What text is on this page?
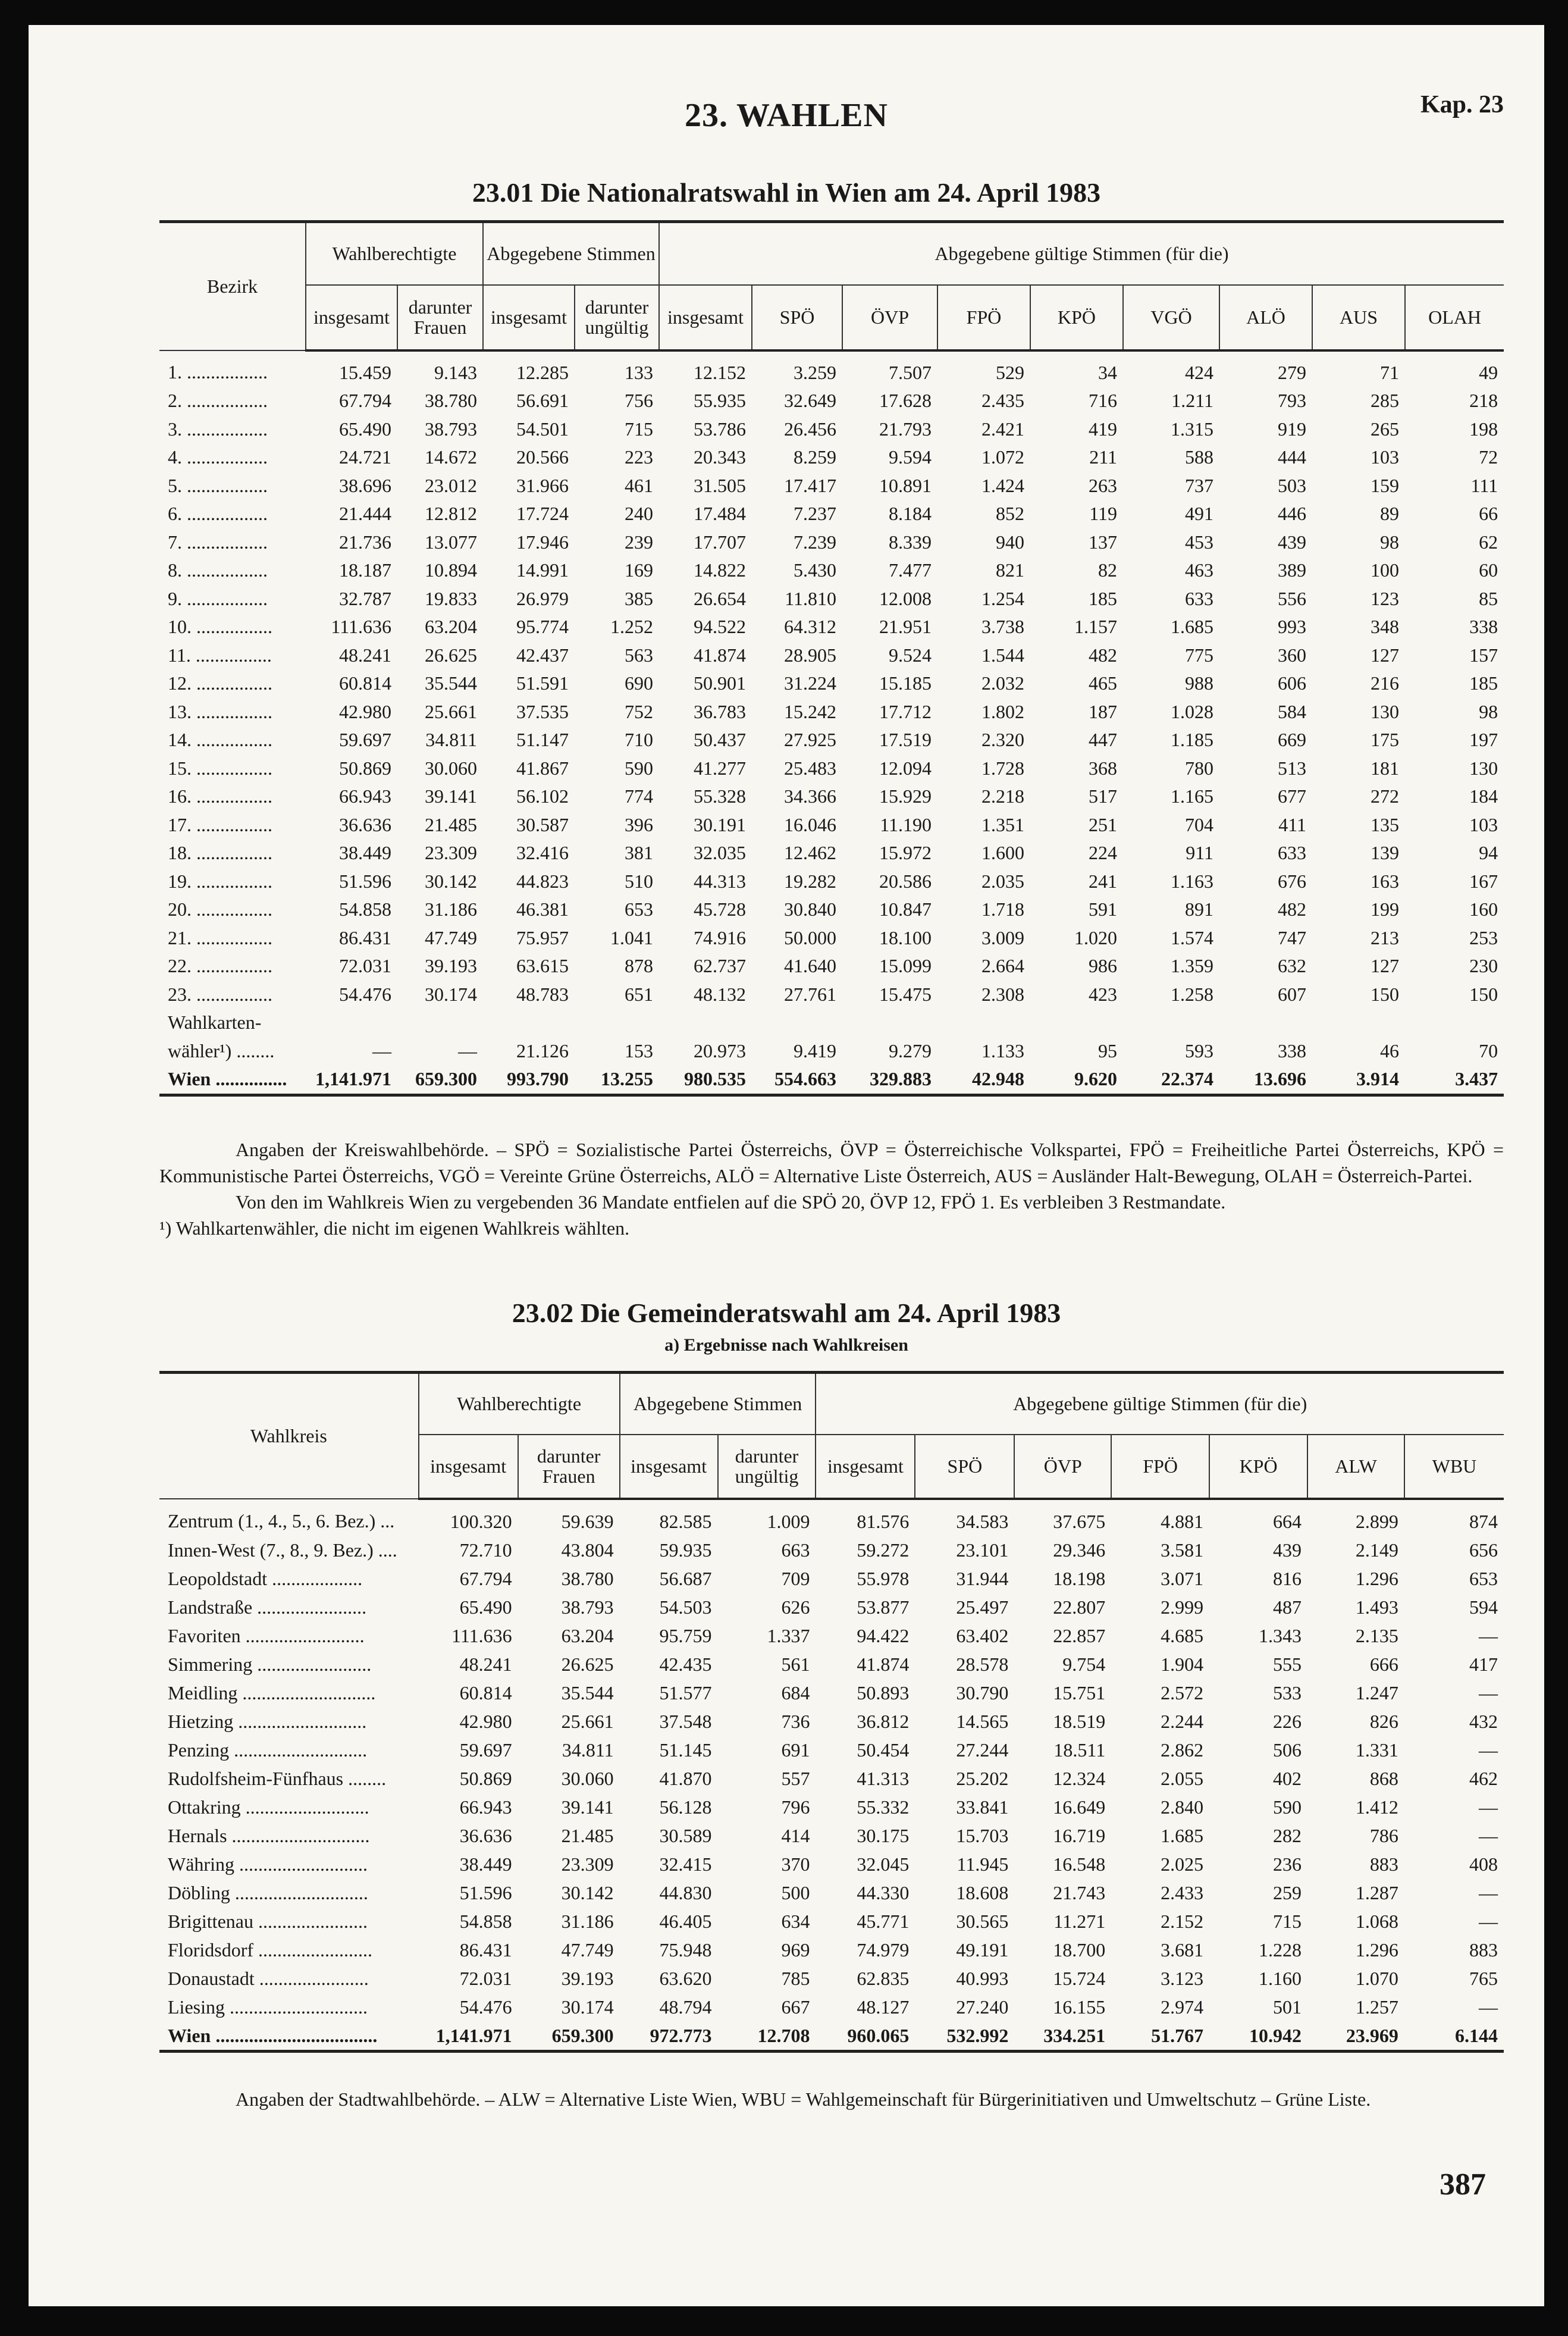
Kap. 23
23. WAHLEN
23.01 Die Nationalratswahl in Wien am 24. April 1983
Bezirk	Wahlberechtigte		Abgegebene Stimmen		Abgegebene gültige Stimmen (für die)								
	insgesamt	darunter Frauen	insgesamt	darunter ungültig	insgesamt	SPÖ	ÖVP	FPÖ	KPÖ	VGÖ	ALÖ	AUS	OLAH
1. .................	15.459	9.143	12.285	133	12.152	3.259	7.507	529	34	424	279	71	49
2. .................	67.794	38.780	56.691	756	55.935	32.649	17.628	2.435	716	1.211	793	285	218
3. .................	65.490	38.793	54.501	715	53.786	26.456	21.793	2.421	419	1.315	919	265	198
4. .................	24.721	14.672	20.566	223	20.343	8.259	9.594	1.072	211	588	444	103	72
5. .................	38.696	23.012	31.966	461	31.505	17.417	10.891	1.424	263	737	503	159	111
6. .................	21.444	12.812	17.724	240	17.484	7.237	8.184	852	119	491	446	89	66
7. .................	21.736	13.077	17.946	239	17.707	7.239	8.339	940	137	453	439	98	62
8. .................	18.187	10.894	14.991	169	14.822	5.430	7.477	821	82	463	389	100	60
9. .................	32.787	19.833	26.979	385	26.654	11.810	12.008	1.254	185	633	556	123	85
10. ................	111.636	63.204	95.774	1.252	94.522	64.312	21.951	3.738	1.157	1.685	993	348	338
11. ................	48.241	26.625	42.437	563	41.874	28.905	9.524	1.544	482	775	360	127	157
12. ................	60.814	35.544	51.591	690	50.901	31.224	15.185	2.032	465	988	606	216	185
13. ................	42.980	25.661	37.535	752	36.783	15.242	17.712	1.802	187	1.028	584	130	98
14. ................	59.697	34.811	51.147	710	50.437	27.925	17.519	2.320	447	1.185	669	175	197
15. ................	50.869	30.060	41.867	590	41.277	25.483	12.094	1.728	368	780	513	181	130
16. ................	66.943	39.141	56.102	774	55.328	34.366	15.929	2.218	517	1.165	677	272	184
17. ................	36.636	21.485	30.587	396	30.191	16.046	11.190	1.351	251	704	411	135	103
18. ................	38.449	23.309	32.416	381	32.035	12.462	15.972	1.600	224	911	633	139	94
19. ................	51.596	30.142	44.823	510	44.313	19.282	20.586	2.035	241	1.163	676	163	167
20. ................	54.858	31.186	46.381	653	45.728	30.840	10.847	1.718	591	891	482	199	160
21. ................	86.431	47.749	75.957	1.041	74.916	50.000	18.100	3.009	1.020	1.574	747	213	253
22. ................	72.031	39.193	63.615	878	62.737	41.640	15.099	2.664	986	1.359	632	127	230
23. ................	54.476	30.174	48.783	651	48.132	27.761	15.475	2.308	423	1.258	607	150	150
Wahlkarten-													
wähler¹) ........	—	—	21.126	153	20.973	9.419	9.279	1.133	95	593	338	46	70
Wien ...............	1,141.971	659.300	993.790	13.255	980.535	554.663	329.883	42.948	9.620	22.374	13.696	3.914	3.437

Angaben der Kreiswahlbehörde. – SPÖ = Sozialistische Partei Österreichs, ÖVP = Österreichische Volkspartei, FPÖ = Freiheitliche Partei Österreichs, KPÖ = Kommunistische Partei Österreichs, VGÖ = Vereinte Grüne Österreichs, ALÖ = Alternative Liste Österreich, AUS = Ausländer Halt-Bewegung, OLAH = Österreich-Partei.

Von den im Wahlkreis Wien zu vergebenden 36 Mandate entfielen auf die SPÖ 20, ÖVP 12, FPÖ 1. Es verbleiben 3 Restmandate.

¹) Wahlkartenwähler, die nicht im eigenen Wahlkreis wählten.

23.02 Die Gemeinderatswahl am 24. April 1983
a) Ergebnisse nach Wahlkreisen
Wahlkreis	Wahlberechtigte		Abgegebene Stimmen		Abgegebene gültige Stimmen (für die)						
	insgesamt	darunter Frauen	insgesamt	darunter ungültig	insgesamt	SPÖ	ÖVP	FPÖ	KPÖ	ALW	WBU
Zentrum (1., 4., 5., 6. Bez.) ...	100.320	59.639	82.585	1.009	81.576	34.583	37.675	4.881	664	2.899	874
Innen-West (7., 8., 9. Bez.) ....	72.710	43.804	59.935	663	59.272	23.101	29.346	3.581	439	2.149	656
Leopoldstadt ...................	67.794	38.780	56.687	709	55.978	31.944	18.198	3.071	816	1.296	653
Landstraße .......................	65.490	38.793	54.503	626	53.877	25.497	22.807	2.999	487	1.493	594
Favoriten .........................	111.636	63.204	95.759	1.337	94.422	63.402	22.857	4.685	1.343	2.135	—
Simmering ........................	48.241	26.625	42.435	561	41.874	28.578	9.754	1.904	555	666	417
Meidling ............................	60.814	35.544	51.577	684	50.893	30.790	15.751	2.572	533	1.247	—
Hietzing ...........................	42.980	25.661	37.548	736	36.812	14.565	18.519	2.244	226	826	432
Penzing ............................	59.697	34.811	51.145	691	50.454	27.244	18.511	2.862	506	1.331	—
Rudolfsheim-Fünfhaus ........	50.869	30.060	41.870	557	41.313	25.202	12.324	2.055	402	868	462
Ottakring ..........................	66.943	39.141	56.128	796	55.332	33.841	16.649	2.840	590	1.412	—
Hernals .............................	36.636	21.485	30.589	414	30.175	15.703	16.719	1.685	282	786	—
Währing ...........................	38.449	23.309	32.415	370	32.045	11.945	16.548	2.025	236	883	408
Döbling ............................	51.596	30.142	44.830	500	44.330	18.608	21.743	2.433	259	1.287	—
Brigittenau .......................	54.858	31.186	46.405	634	45.771	30.565	11.271	2.152	715	1.068	—
Floridsdorf ........................	86.431	47.749	75.948	969	74.979	49.191	18.700	3.681	1.228	1.296	883
Donaustadt .......................	72.031	39.193	63.620	785	62.835	40.993	15.724	3.123	1.160	1.070	765
Liesing .............................	54.476	30.174	48.794	667	48.127	27.240	16.155	2.974	501	1.257	—
Wien ..................................	1,141.971	659.300	972.773	12.708	960.065	532.992	334.251	51.767	10.942	23.969	6.144

Angaben der Stadtwahlbehörde. – ALW = Alternative Liste Wien, WBU = Wahlgemeinschaft für Bürgerinitiativen und Umweltschutz – Grüne Liste.

387
